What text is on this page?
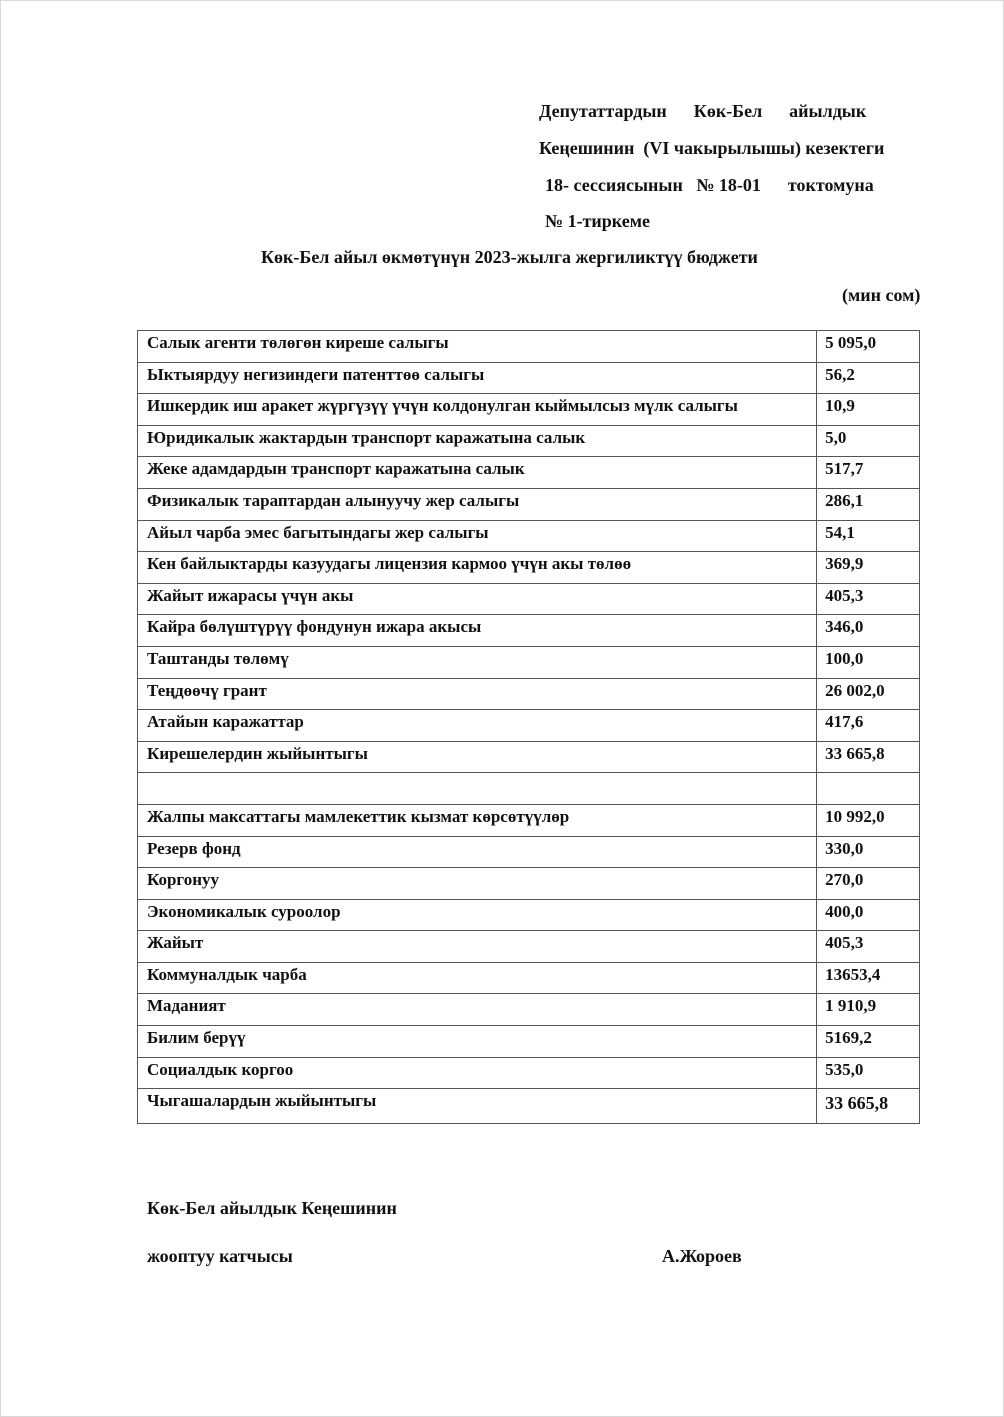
Депутаттардын      Көк-Бел      айылдык
Кеңешинин  (VI чакырылышы) кезектеги
18- сессиясынын   № 18-01      токтомуна
№ 1-тиркеме
Көк-Бел айыл өкмөтүнүн 2023-жылга жергиликтүү бюджети
(мин сом)
Салык агенти төлөгөн киреше салыгы	5 095,0
Ыктыярдуу негизиндеги патенттөө салыгы	56,2
Ишкердик иш аракет жүргүзүү үчүн колдонулган кыймылсыз мүлк салыгы	10,9
Юридикалык жактардын транспорт каражатына салык	5,0
Жеке адамдардын транспорт каражатына салык	517,7
Физикалык тараптардан алынуучу жер салыгы	286,1
Айыл чарба эмес багытындагы жер салыгы	54,1
Кен байлыктарды казуудагы лицензия кармоо үчүн акы төлөө	369,9
Жайыт ижарасы үчүн акы	405,3
Кайра бөлүштүрүү фондунун ижара акысы	346,0
Таштанды төлөмү	100,0
Теңдөөчү грант	26 002,0
Атайын каражаттар	417,6
Кирешелердин жыйынтыгы	33 665,8

Жалпы максаттагы мамлекеттик кызмат көрсөтүүлөр	10 992,0
Резерв фонд	330,0
Коргонуу	270,0
Экономикалык суроолор	400,0
Жайыт	405,3
Коммуналдык чарба	13653,4
Маданият	1 910,9
Билим берүү	5169,2
Социалдык коргоо	535,0
Чыгашалардын жыйынтыгы	33 665,8
Көк-Бел айылдык Кеңешинин
жооптуу катчысы	А.Жороев
